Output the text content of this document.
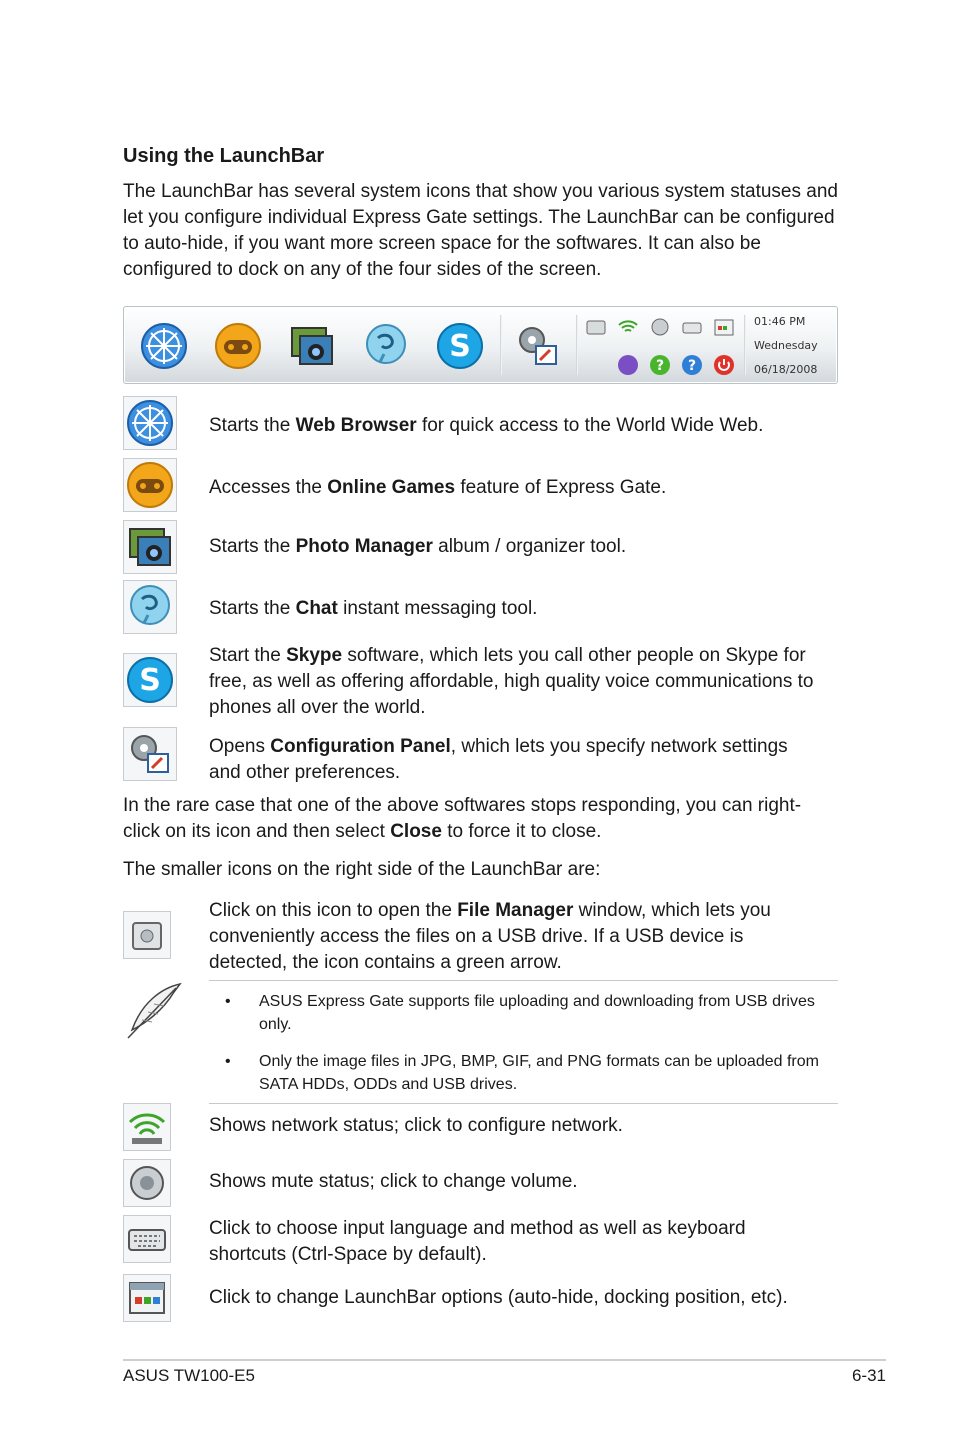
Using the LaunchBar
The LaunchBar has several system icons that show you various system statuses and let you configure individual Express Gate settings. The LaunchBar can be configured to auto-hide, if you want more screen space for the softwares. It can also be configured to dock on any of the four sides of the screen.
S
? ?
01:46 PM
Wednesday
06/18/2008
Starts the Web Browser for quick access to the World Wide Web.
Accesses the Online Games feature of Express Gate.
Starts the Photo Manager album / organizer tool.
Starts the Chat instant messaging tool.
S
Start the Skype software, which lets you call other people on Skype for free, as well as offering affordable, high quality voice communications to phones all over the world.
Opens Configuration Panel, which lets you specify network settings and other preferences.
In the rare case that one of the above softwares stops responding, you can right-click on its icon and then select Close to force it to close.
The smaller icons on the right side of the LaunchBar are:
Click on this icon to open the File Manager window, which lets you conveniently access the files on a USB drive. If a USB device is detected, the icon contains a green arrow.
• ASUS Express Gate supports file uploading and downloading from USB drives only.
• Only the image files in JPG, BMP, GIF, and PNG formats can be uploaded from SATA HDDs, ODDs and USB drives.
Shows network status; click to configure network.
Shows mute status; click to change volume.
Click to choose input language and method as well as keyboard shortcuts (Ctrl-Space by default).
Click to change LaunchBar options (auto-hide, docking position, etc).
ASUS TW100-E5	6-31
